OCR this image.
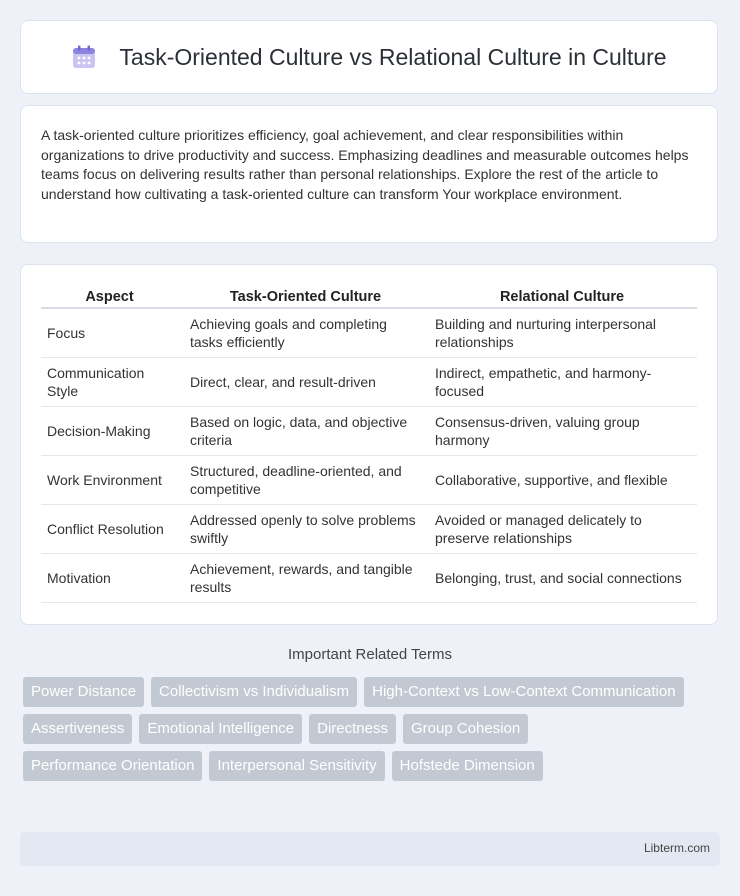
Task-Oriented Culture vs Relational Culture in Culture

A task-oriented culture prioritizes efficiency, goal achievement, and clear responsibilities within organizations to drive productivity and success. Emphasizing deadlines and measurable outcomes helps teams focus on delivering results rather than personal relationships. Explore the rest of the article to understand how cultivating a task-oriented culture can transform Your workplace environment.

Aspect	Task-Oriented Culture	Relational Culture
Focus	Achieving goals and completing tasks efficiently	Building and nurturing interpersonal relationships
Communication Style	Direct, clear, and result-driven	Indirect, empathetic, and harmony-focused
Decision-Making	Based on logic, data, and objective criteria	Consensus-driven, valuing group harmony
Work Environment	Structured, deadline-oriented, and competitive	Collaborative, supportive, and flexible
Conflict Resolution	Addressed openly to solve problems swiftly	Avoided or managed delicately to preserve relationships
Motivation	Achievement, rewards, and tangible results	Belonging, trust, and social connections
Important Related Terms
Power Distance	Collectivism vs Individualism	High-Context vs Low-Context Communication
Assertiveness	Emotional Intelligence	Directness	Group Cohesion
Performance Orientation	Interpersonal Sensitivity	Hofstede Dimension
Libterm.com
